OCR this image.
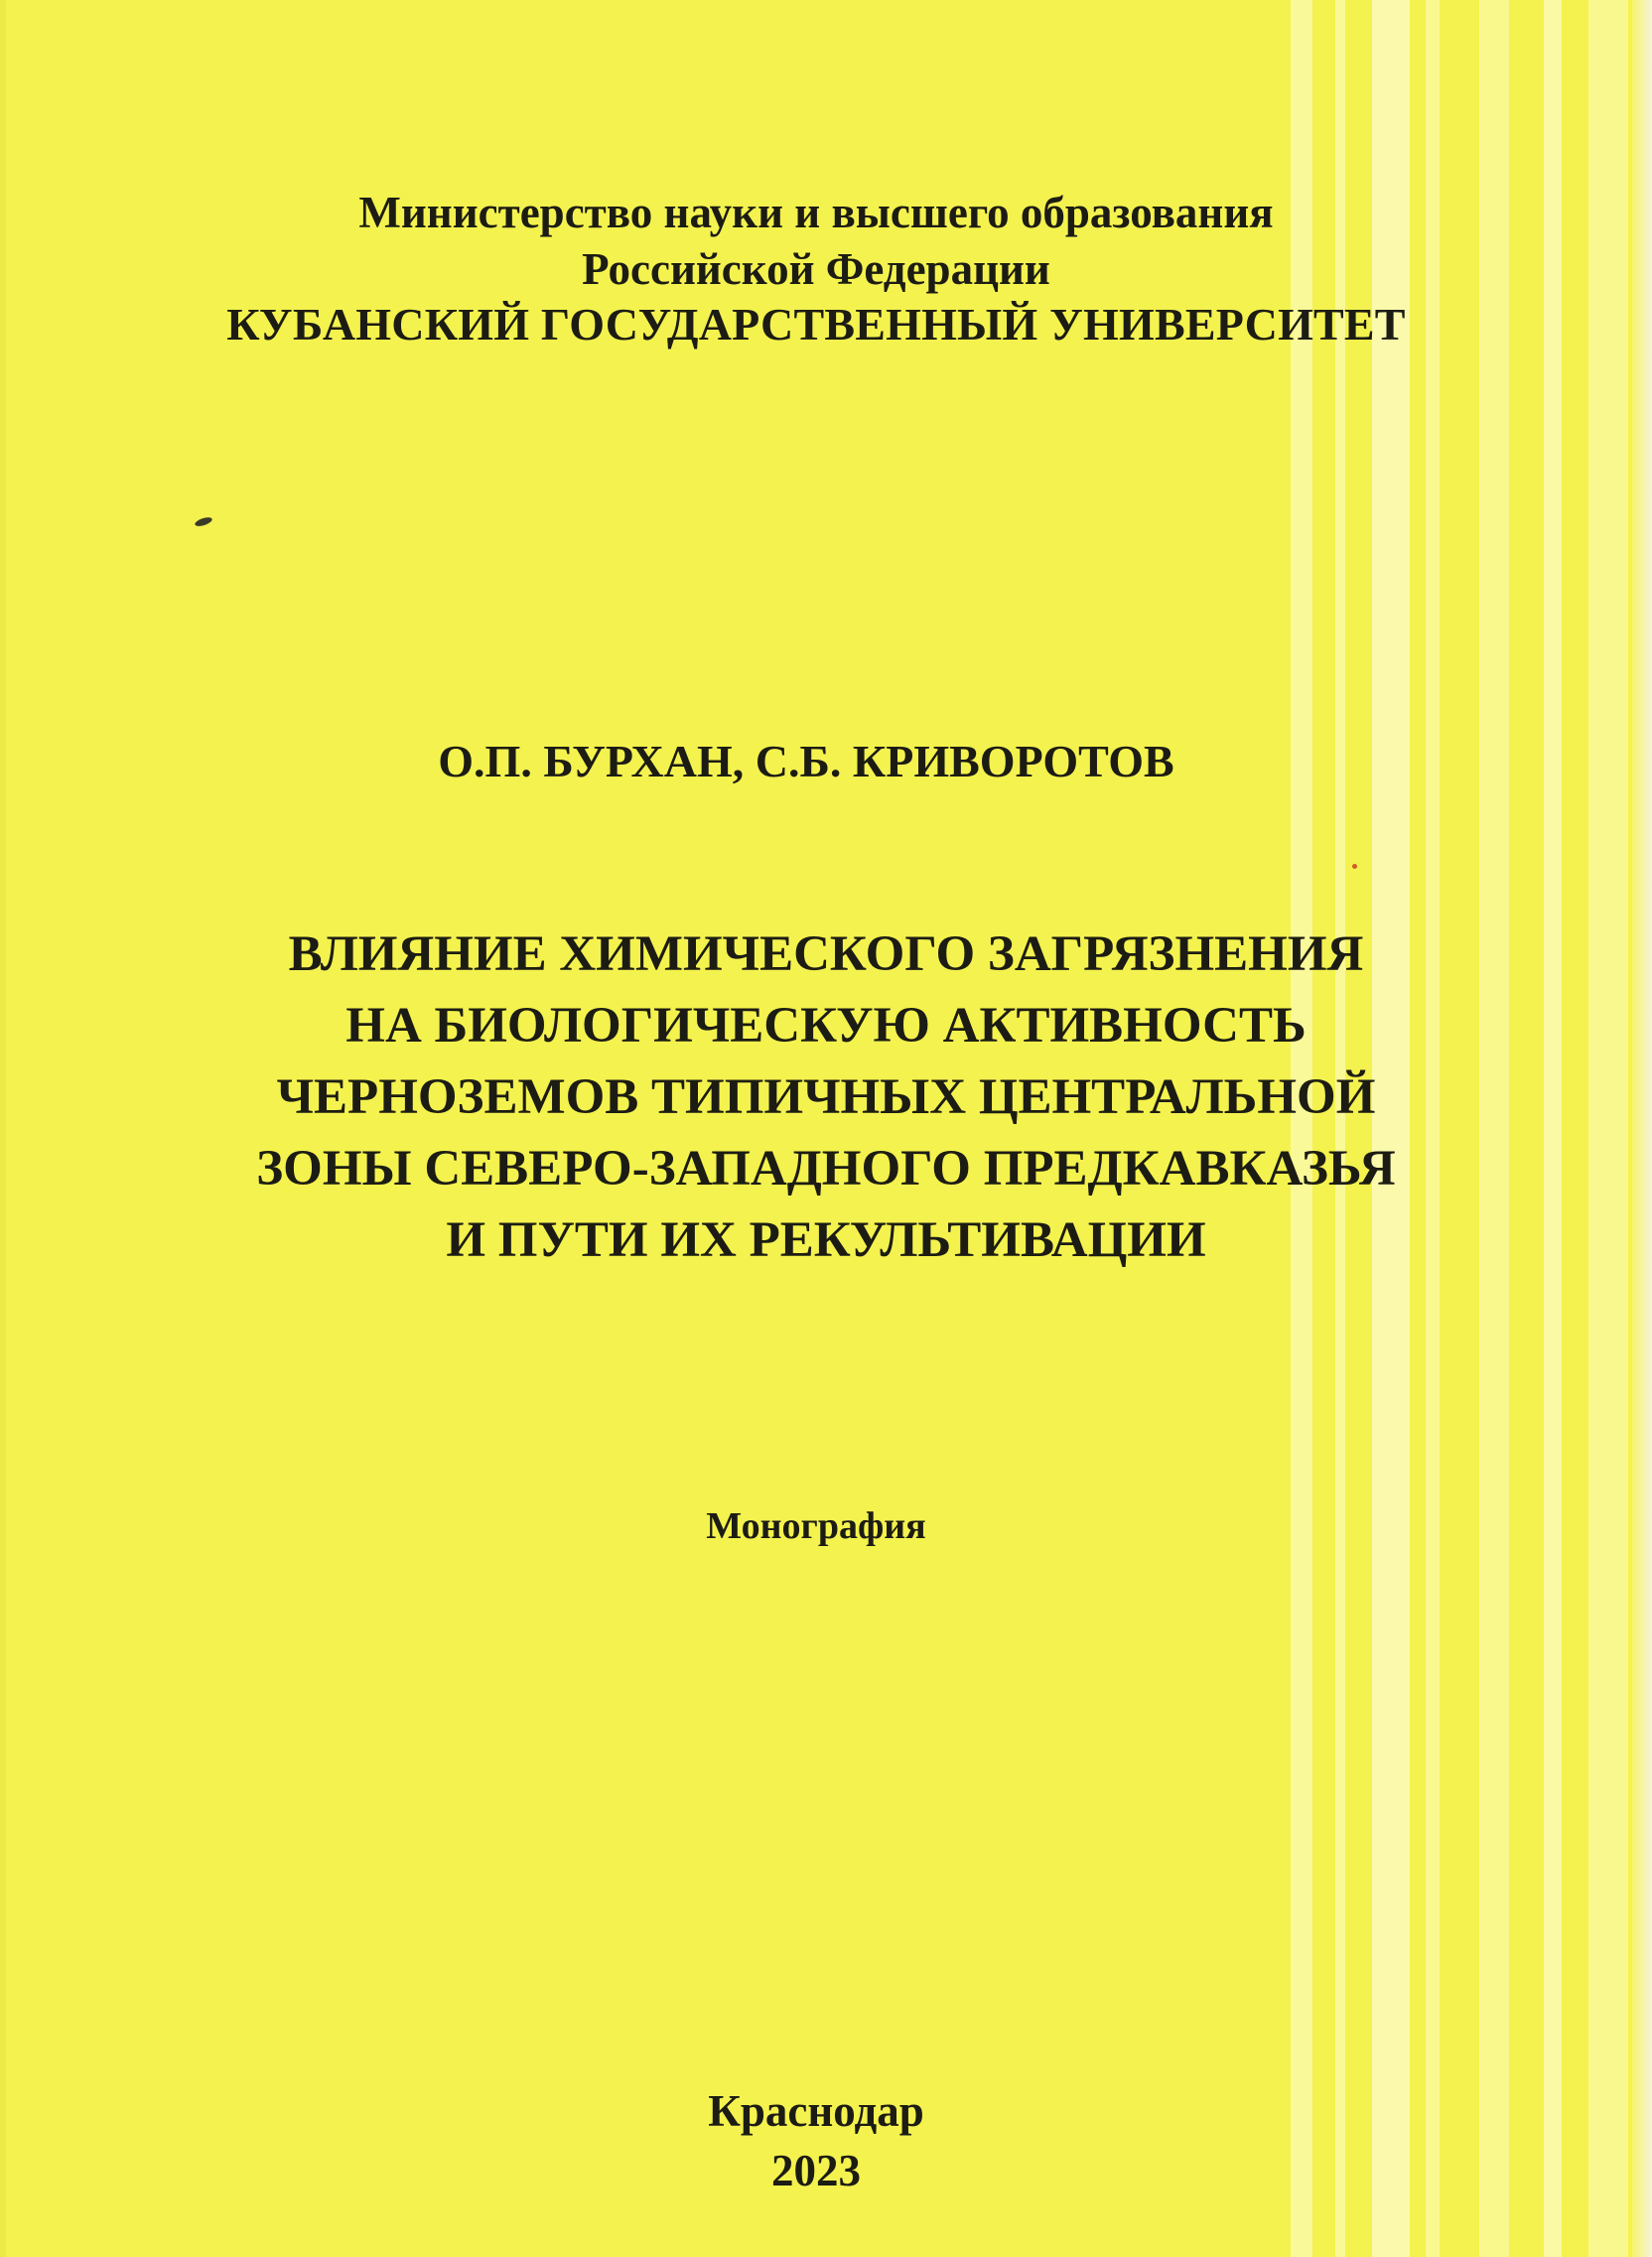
Министерство науки и высшего образования

Российской Федерации

КУБАНСКИЙ ГОСУДАРСТВЕННЫЙ УНИВЕРСИТЕТ

О.П. БУРХАН, С.Б. КРИВОРОТОВ

ВЛИЯНИЕ ХИМИЧЕСКОГО ЗАГРЯЗНЕНИЯ
НА БИОЛОГИЧЕСКУЮ АКТИВНОСТЬ
ЧЕРНОЗЕМОВ ТИПИЧНЫХ ЦЕНТРАЛЬНОЙ
ЗОНЫ СЕВЕРО-ЗАПАДНОГО ПРЕДКАВКАЗЬЯ
И ПУТИ ИХ РЕКУЛЬТИВАЦИИ

Монография

Краснодар

2023
